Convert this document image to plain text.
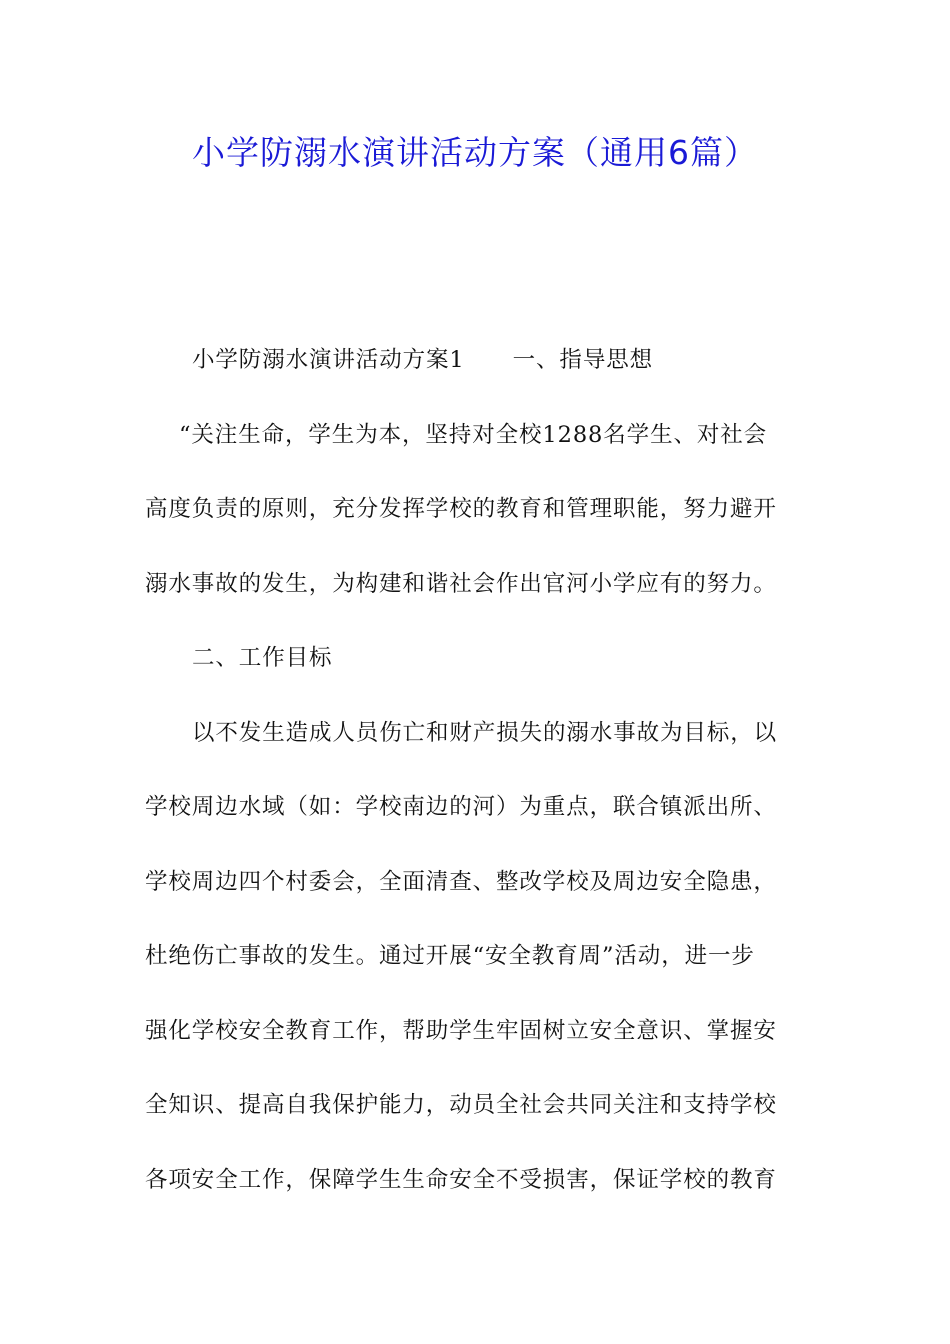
小学防溺水演讲活动方案（通用6篇）
小学防溺水演讲活动方案1 一、指导思想
“关注生命，学生为本，坚持对全校1288名学生、对社会
高度负责的原则，充分发挥学校的教育和管理职能，努力避开
溺水事故的发生，为构建和谐社会作出官河小学应有的努力。
二、工作目标
以不发生造成人员伤亡和财产损失的溺水事故为目标，以
学校周边水域（如：学校南边的河）为重点，联合镇派出所、
学校周边四个村委会，全面清查、整改学校及周边安全隐患，
杜绝伤亡事故的发生。通过开展“安全教育周”活动，进一步
强化学校安全教育工作，帮助学生牢固树立安全意识、掌握安
全知识、提高自我保护能力，动员全社会共同关注和支持学校
各项安全工作，保障学生生命安全不受损害，保证学校的教育
